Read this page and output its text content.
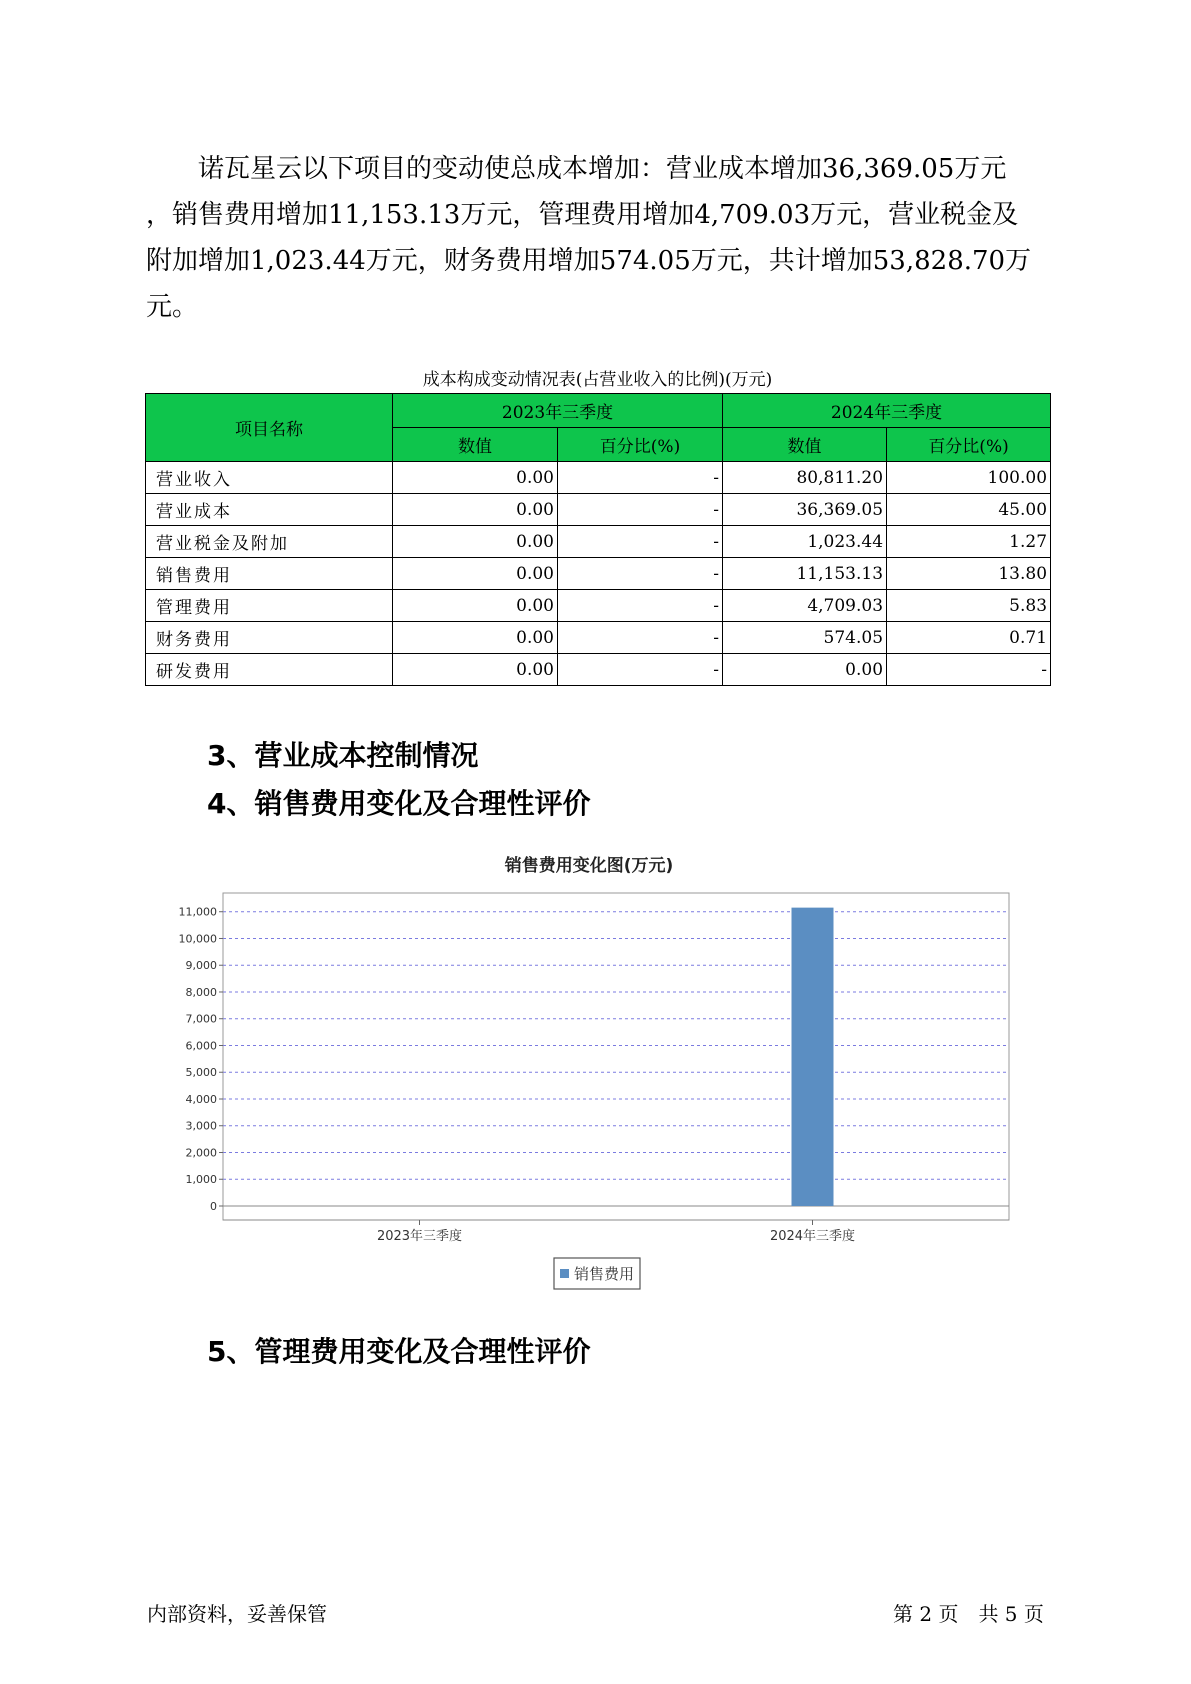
诺瓦星云以下项目的变动使总成本增加：营业成本增加36,369.05万元
，销售费用增加11,153.13万元，管理费用增加4,709.03万元，营业税金及
附加增加1,023.44万元，财务费用增加574.05万元，共计增加53,828.70万
元。
成本构成变动情况表(占营业收入的比例)(万元)
项目名称	2023年三季度		2024年三季度	
	数值	百分比(%)	数值	百分比(%)
营业收入	0.00	-	80,811.20	100.00
营业成本	0.00	-	36,369.05	45.00
营业税金及附加	0.00	-	1,023.44	1.27
销售费用	0.00	-	11,153.13	13.80
管理费用	0.00	-	4,709.03	5.83
财务费用	0.00	-	574.05	0.71
研发费用	0.00	-	0.00	-
3、营业成本控制情况
4、销售费用变化及合理性评价
销售费用变化图(万元)
0
1,000
2,000
3,000
4,000
5,000
6,000
7,000
8,000
9,000
10,000
11,000
2023年三季度	2024年三季度
销售费用
5、管理费用变化及合理性评价
内部资料，妥善保管	第 2 页　共 5 页
